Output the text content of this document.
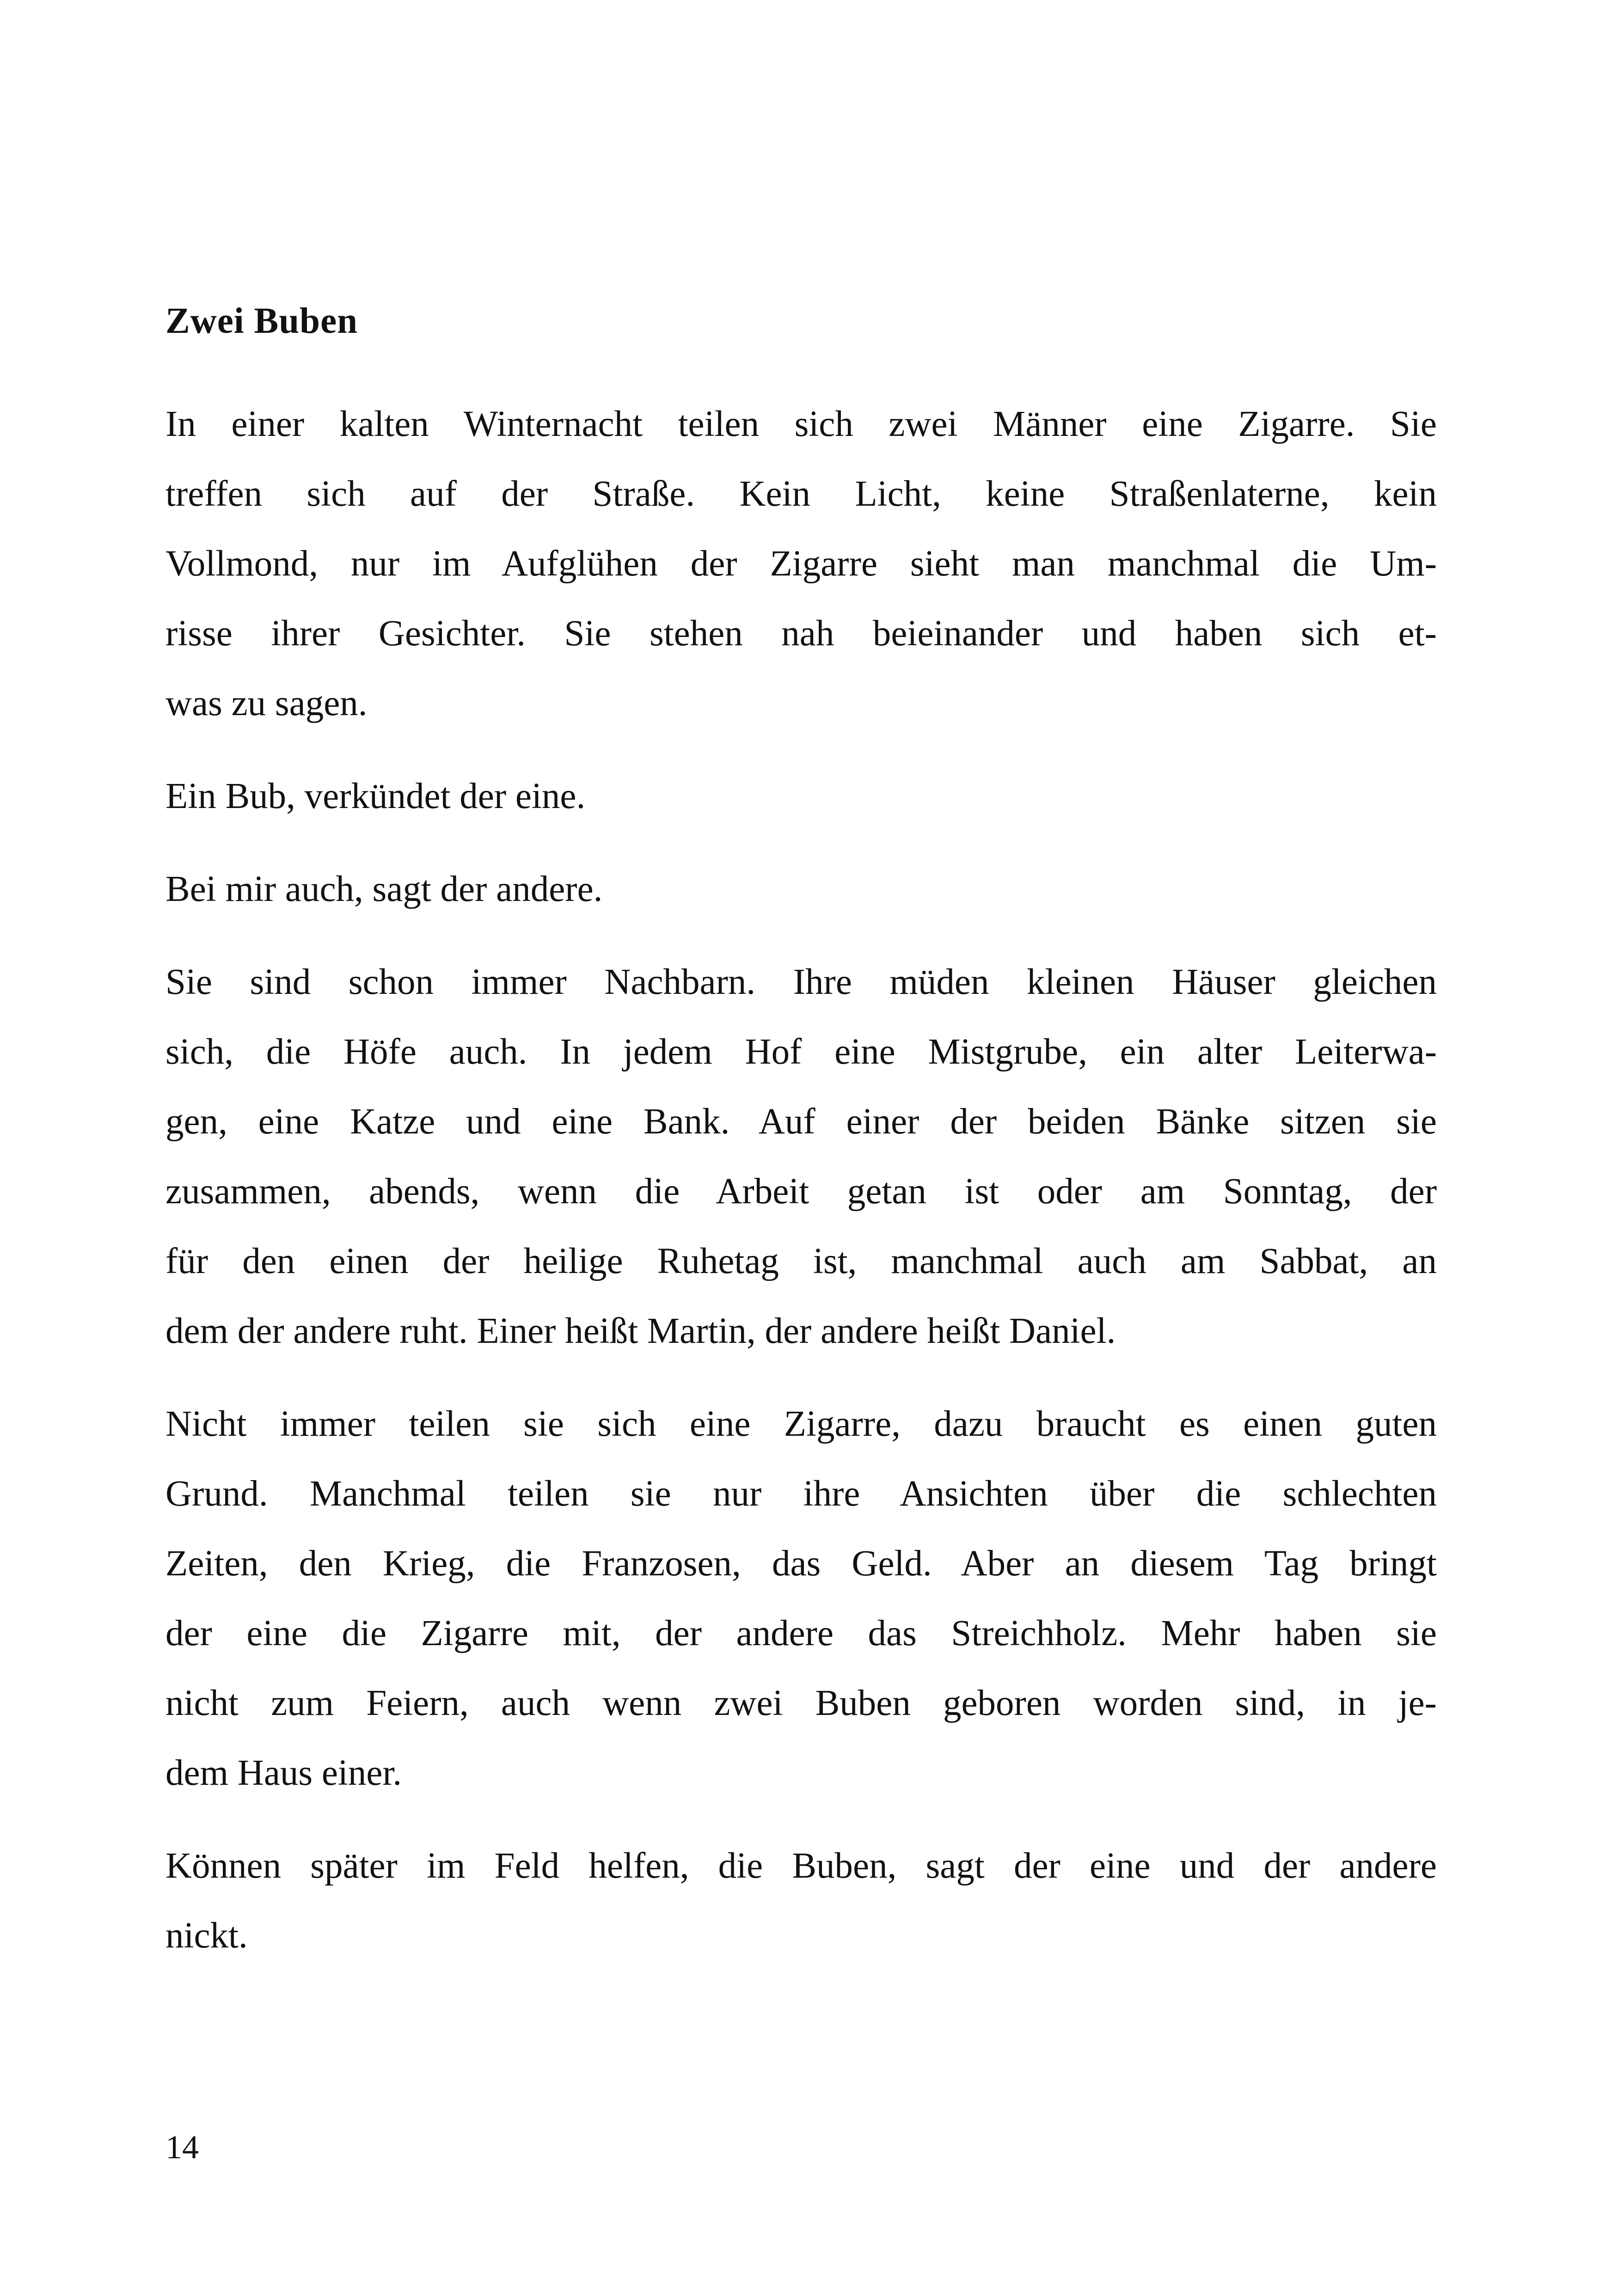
Zwei Buben

In einer kalten Winternacht teilen sich zwei Männer eine Zigarre. Sie
treffen sich auf der Straße. Kein Licht, keine Straßenlaterne, kein
Vollmond, nur im Aufglühen der Zigarre sieht man manchmal die Um-
risse ihrer Gesichter. Sie stehen nah beieinander und haben sich et-
was zu sagen.

Ein Bub, verkündet der eine.

Bei mir auch, sagt der andere.

Sie sind schon immer Nachbarn. Ihre müden kleinen Häuser gleichen
sich, die Höfe auch. In jedem Hof eine Mistgrube, ein alter Leiterwa-
gen, eine Katze und eine Bank. Auf einer der beiden Bänke sitzen sie
zusammen, abends, wenn die Arbeit getan ist oder am Sonntag, der
für den einen der heilige Ruhetag ist, manchmal auch am Sabbat, an
dem der andere ruht. Einer heißt Martin, der andere heißt Daniel.

Nicht immer teilen sie sich eine Zigarre, dazu braucht es einen guten
Grund. Manchmal teilen sie nur ihre Ansichten über die schlechten
Zeiten, den Krieg, die Franzosen, das Geld. Aber an diesem Tag bringt
der eine die Zigarre mit, der andere das Streichholz. Mehr haben sie
nicht zum Feiern, auch wenn zwei Buben geboren worden sind, in je-
dem Haus einer.

Können später im Feld helfen, die Buben, sagt der eine und der andere
nickt.

14
